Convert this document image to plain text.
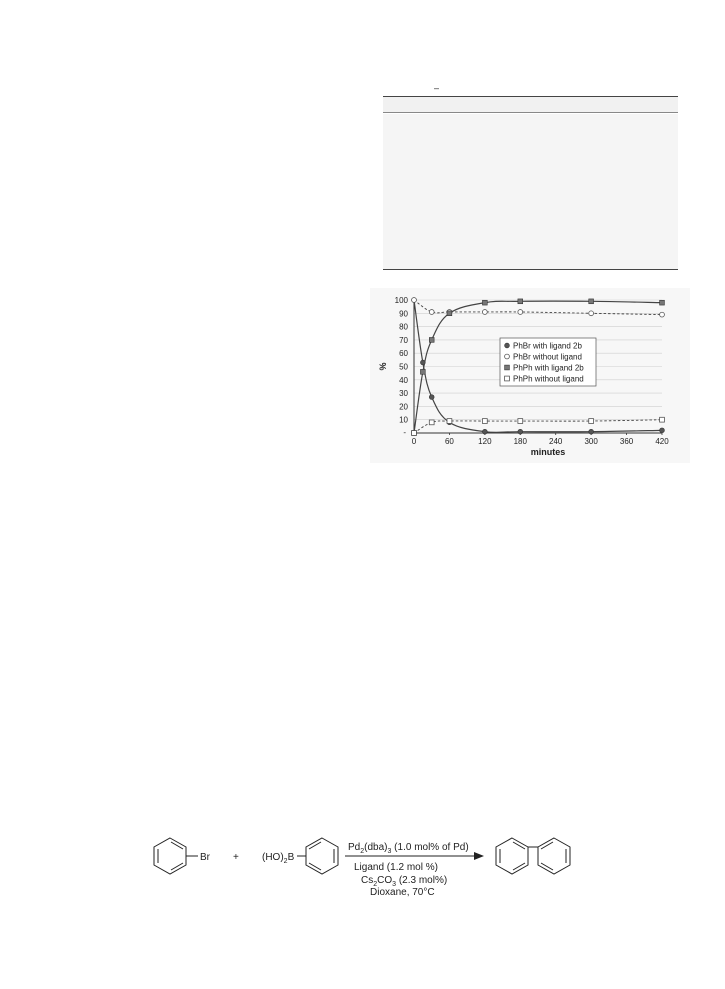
–
10
20
30
40
50
60
70
80
90
100
-
0	60	120	180	240	300	360	420
%
minutes
PhBr with ligand 2b
PhBr without ligand
PhPh with ligand 2b
PhPh without ligand
$Br + (HO)_2B$
$Pd_2(dba)_3$ (1.0 mol% of Pd)
Ligand (1.2 mol %)
$Cs_2CO_3$ (2.3 mol%)
Dioxane, 70°C
